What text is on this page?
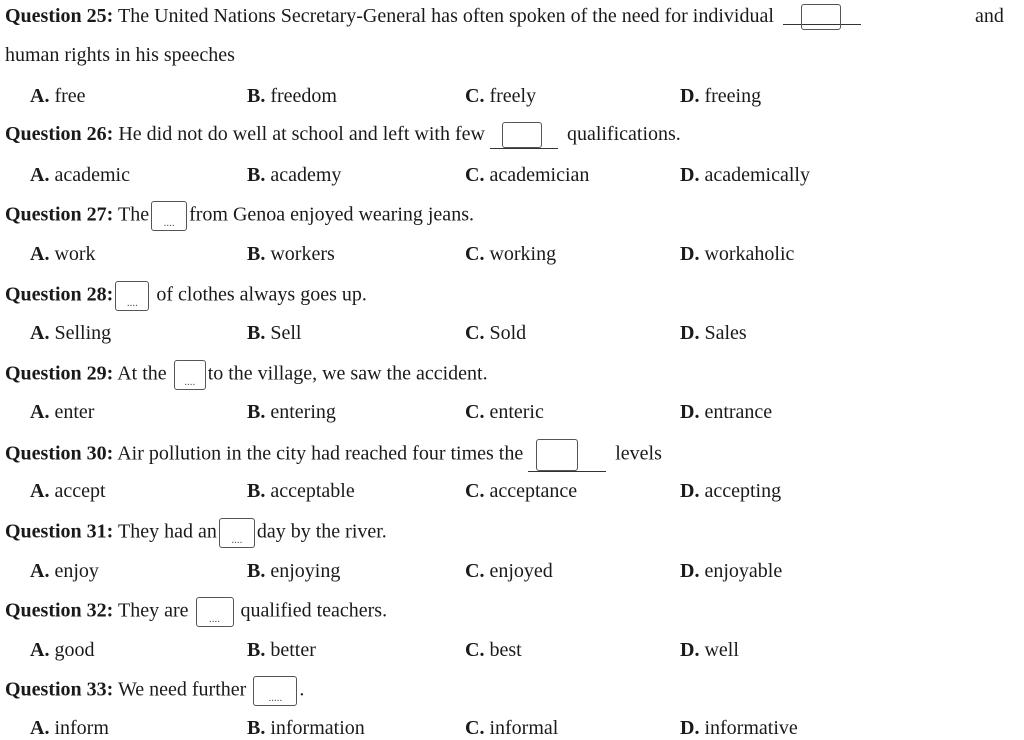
Question 25: The United Nations Secretary-General has often spoken of the need for individual	and
human rights in his speeches
A. free	B. freedom	C. freely	D. freeing
Question 26: He did not do well at school and left with few	qualifications.
A. academic	B. academy	C. academician	D. academically
Question 27: The .... from Genoa enjoyed wearing jeans.
A. work	B. workers	C. working	D. workaholic
Question 28: .... of clothes always goes up.
A. Selling	B. Sell	C. Sold	D. Sales
Question 29: At the .... to the village, we saw the accident.
A. enter	B. entering	C. enteric	D. entrance
Question 30: Air pollution in the city had reached four times the	levels
A. accept	B. acceptable	C. acceptance	D. accepting
Question 31: They had an .... day by the river.
A. enjoy	B. enjoying	C. enjoyed	D. enjoyable
Question 32: They are .... qualified teachers.
A. good	B. better	C. best	D. well
Question 33: We need further ..... .
A. inform	B. information	C. informal	D. informative
